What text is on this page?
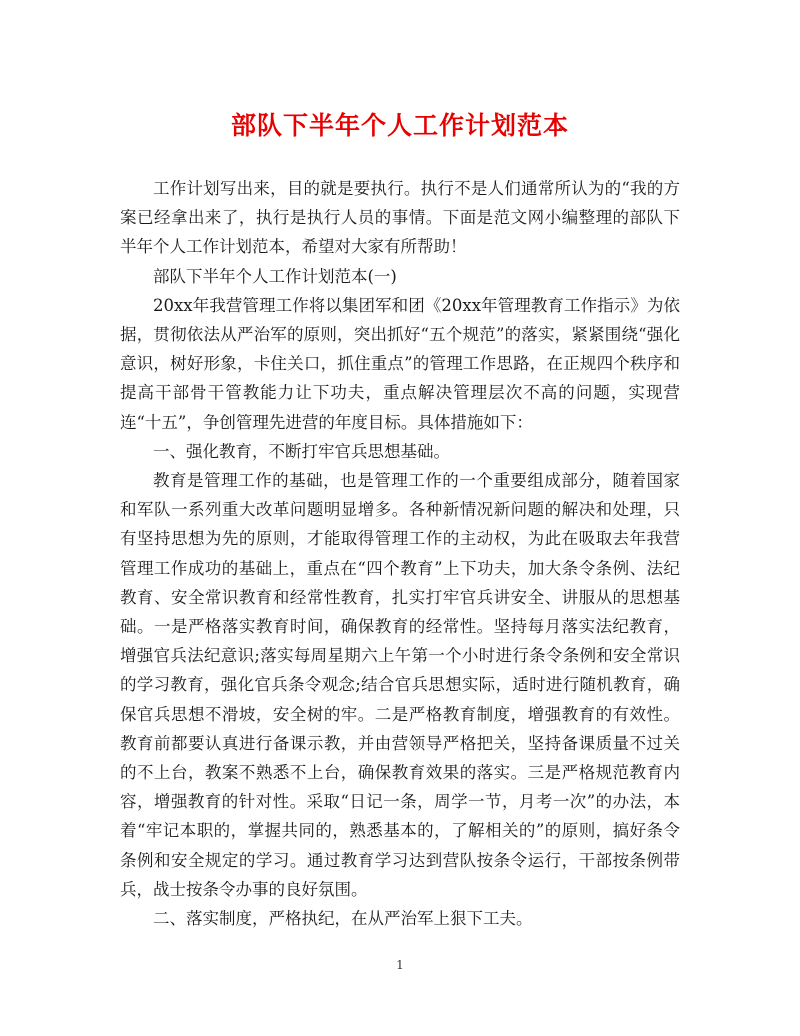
部队下半年个人工作计划范本

工作计划写出来，目的就是要执行。执行不是人们通常所认为的“我的方案已经拿出来了，执行是执行人员的事情。下面是范文网小编整理的部队下半年个人工作计划范本，希望对大家有所帮助！

部队下半年个人工作计划范本(一)

20xx年我营管理工作将以集团军和团《20xx年管理教育工作指示》为依据，贯彻依法从严治军的原则，突出抓好“五个规范”的落实，紧紧围绕“强化意识，树好形象，卡住关口，抓住重点”的管理工作思路，在正规四个秩序和提高干部骨干管教能力让下功夫，重点解决管理层次不高的问题，实现营连“十五”，争创管理先进营的年度目标。具体措施如下：

一、强化教育，不断打牢官兵思想基础。

教育是管理工作的基础，也是管理工作的一个重要组成部分，随着国家和军队一系列重大改革问题明显增多。各种新情况新问题的解决和处理，只有坚持思想为先的原则，才能取得管理工作的主动权，为此在吸取去年我营管理工作成功的基础上，重点在“四个教育”上下功夫，加大条令条例、法纪教育、安全常识教育和经常性教育，扎实打牢官兵讲安全、讲服从的思想基础。一是严格落实教育时间，确保教育的经常性。坚持每月落实法纪教育，增强官兵法纪意识;落实每周星期六上午第一个小时进行条令条例和安全常识的学习教育，强化官兵条令观念;结合官兵思想实际，适时进行随机教育，确保官兵思想不滑坡，安全树的牢。二是严格教育制度，增强教育的有效性。教育前都要认真进行备课示教，并由营领导严格把关，坚持备课质量不过关的不上台，教案不熟悉不上台，确保教育效果的落实。三是严格规范教育内容，增强教育的针对性。采取“日记一条，周学一节，月考一次”的办法，本着“牢记本职的，掌握共同的，熟悉基本的，了解相关的”的原则，搞好条令条例和安全规定的学习。通过教育学习达到营队按条令运行，干部按条例带兵，战士按条令办事的良好氛围。

二、落实制度，严格执纪，在从严治军上狠下工夫。

1
